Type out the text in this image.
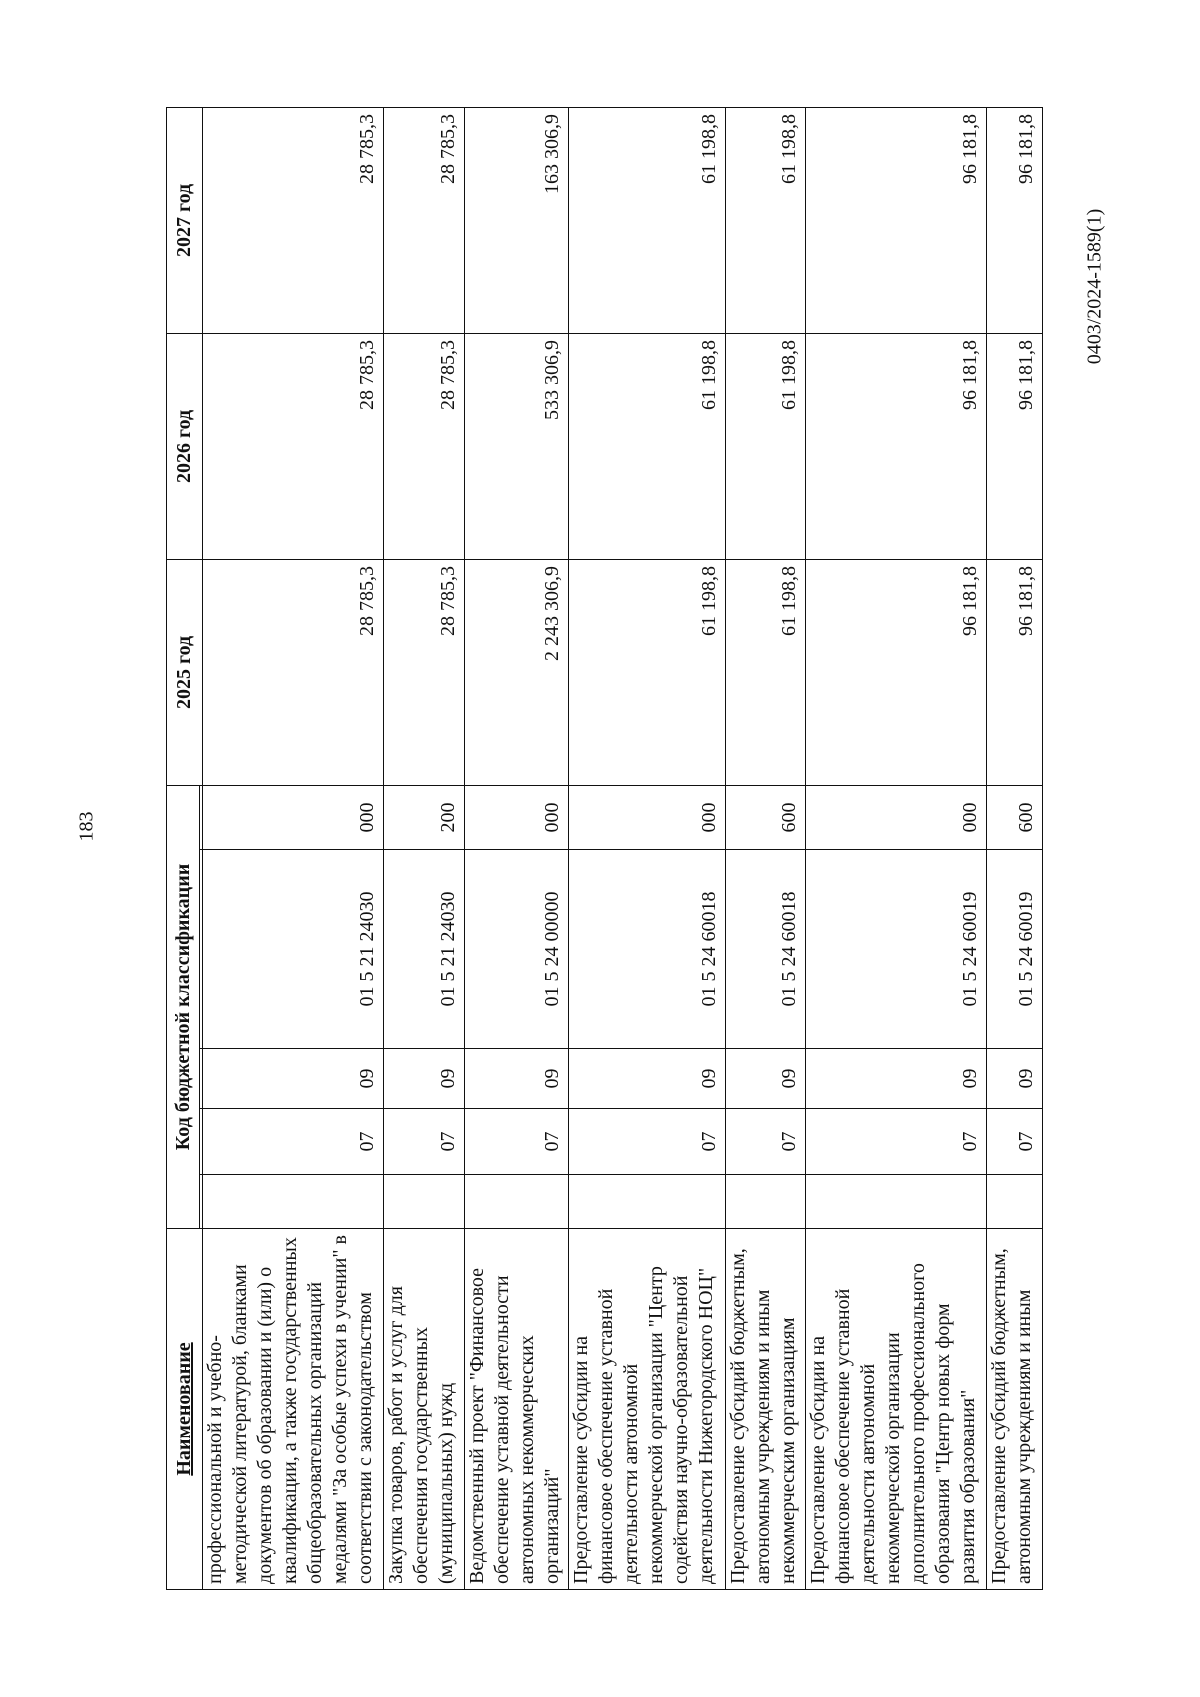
183
0403/2024-1589(1)
Наименование	Код бюджетной классификации					2025 год	2026 год	2027 год

профессиональной и учебно-методической литературой, бланками документов об образовании и (или) о квалификации, а также государственных общеобразовательных организаций медалями "За особые успехи в учении" в соответствии с законодательством		07	09	01 5 21 24030	000	28 785,3	28 785,3	28 785,3
Закупка товаров, работ и услуг для обеспечения государственных (муниципальных) нужд		07	09	01 5 21 24030	200	28 785,3	28 785,3	28 785,3
Ведомственный проект "Финансовое обеспечение уставной деятельности автономных некоммерческих организаций"		07	09	01 5 24 00000	000	2 243 306,9	533 306,9	163 306,9
Предоставление субсидии на финансовое обеспечение уставной деятельности автономной некоммерческой организации "Центр содействия научно-образовательной деятельности Нижегородского НОЦ"		07	09	01 5 24 60018	000	61 198,8	61 198,8	61 198,8
Предоставление субсидий бюджетным, автономным учреждениям и иным некоммерческим организациям		07	09	01 5 24 60018	600	61 198,8	61 198,8	61 198,8
Предоставление субсидии на финансовое обеспечение уставной деятельности автономной некоммерческой организации дополнительного профессионального образования "Центр новых форм развития образования"		07	09	01 5 24 60019	000	96 181,8	96 181,8	96 181,8
Предоставление субсидий бюджетным, автономным учреждениям и иным		07	09	01 5 24 60019	600	96 181,8	96 181,8	96 181,8
